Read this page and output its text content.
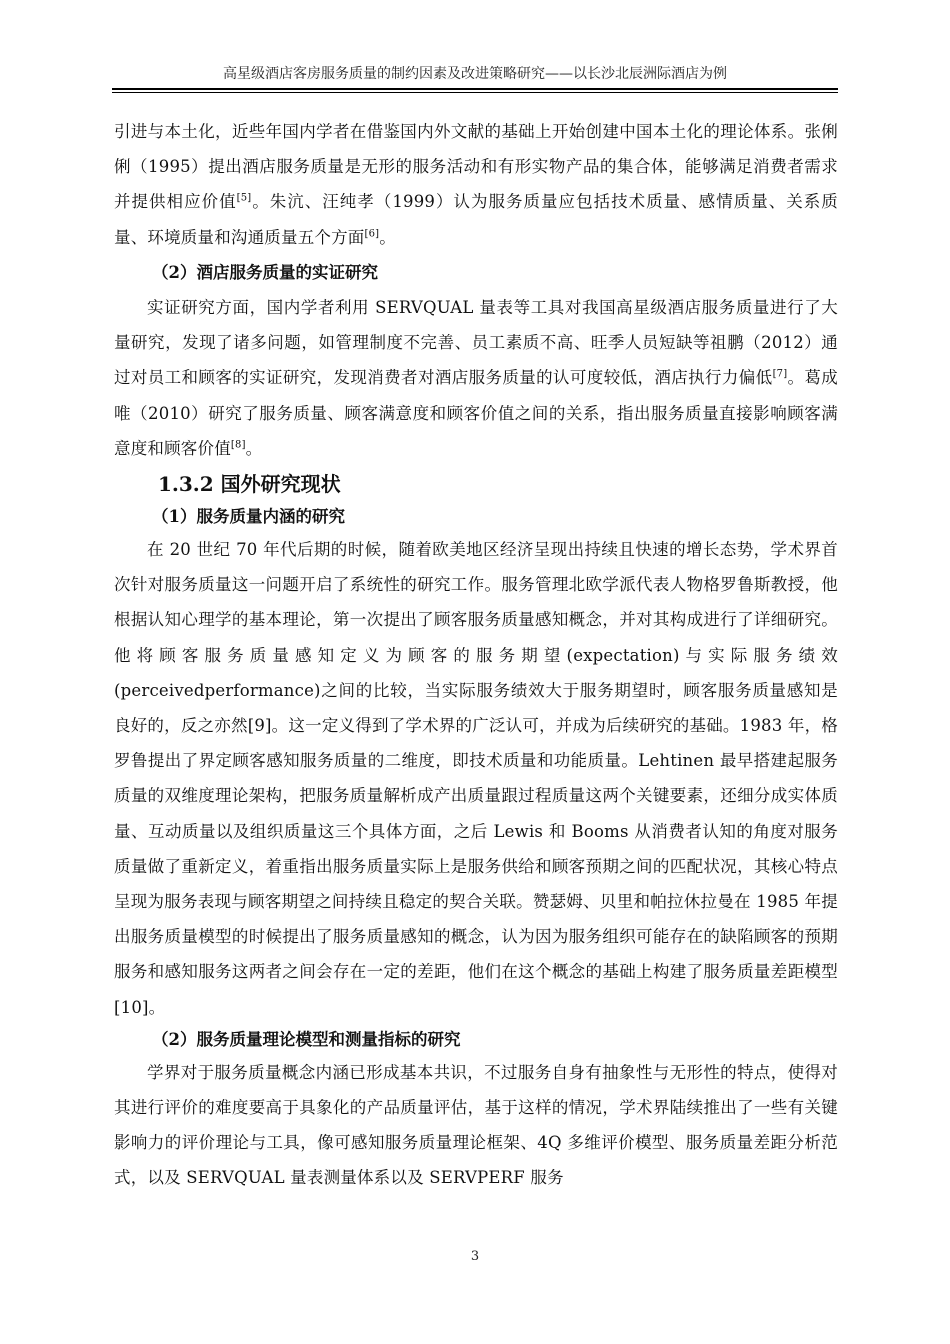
高星级酒店客房服务质量的制约因素及改进策略研究——以长沙北辰洲际酒店为例

引进与本土化，近些年国内学者在借鉴国内外文献的基础上开始创建中国本土化的理论体系。张俐俐（1995）提出酒店服务质量是无形的服务活动和有形实物产品的集合体，能够满足消费者需求并提供相应价值[5]。朱沆、汪纯孝（1999）认为服务质量应包括技术质量、感情质量、关系质量、环境质量和沟通质量五个方面[6]。

（2）酒店服务质量的实证研究

实证研究方面，国内学者利用 SERVQUAL 量表等工具对我国高星级酒店服务质量进行了大量研究，发现了诸多问题，如管理制度不完善、员工素质不高、旺季人员短缺等祖鹏（2012）通过对员工和顾客的实证研究，发现消费者对酒店服务质量的认可度较低，酒店执行力偏低[7]。葛成唯（2010）研究了服务质量、顾客满意度和顾客价值之间的关系，指出服务质量直接影响顾客满意度和顾客价值[8]。

1.3.2 国外研究现状

（1）服务质量内涵的研究

在 20 世纪 70 年代后期的时候，随着欧美地区经济呈现出持续且快速的增长态势，学术界首次针对服务质量这一问题开启了系统性的研究工作。服务管理北欧学派代表人物格罗鲁斯教授，他根据认知心理学的基本理论，第一次提出了顾客服务质量感知概念，并对其构成进行了详细研究。他将顾客服务质量感知定义为顾客的服务期望(expectation)与实际服务绩效(perceivedperformance)之间的比较，当实际服务绩效大于服务期望时，顾客服务质量感知是良好的，反之亦然[9]。这一定义得到了学术界的广泛认可，并成为后续研究的基础。1983 年，格罗鲁提出了界定顾客感知服务质量的二维度，即技术质量和功能质量。Lehtinen 最早搭建起服务质量的双维度理论架构，把服务质量解析成产出质量跟过程质量这两个关键要素，还细分成实体质量、互动质量以及组织质量这三个具体方面，之后 Lewis 和 Booms 从消费者认知的角度对服务质量做了重新定义，着重指出服务质量实际上是服务供给和顾客预期之间的匹配状况，其核心特点呈现为服务表现与顾客期望之间持续且稳定的契合关联。赞瑟姆、贝里和帕拉休拉曼在 1985 年提出服务质量模型的时候提出了服务质量感知的概念，认为因为服务组织可能存在的缺陷顾客的预期服务和感知服务这两者之间会存在一定的差距，他们在这个概念的基础上构建了服务质量差距模型[10]。

（2）服务质量理论模型和测量指标的研究

学界对于服务质量概念内涵已形成基本共识，不过服务自身有抽象性与无形性的特点，使得对其进行评价的难度要高于具象化的产品质量评估，基于这样的情况，学术界陆续推出了一些有关键影响力的评价理论与工具，像可感知服务质量理论框架、4Q 多维评价模型、服务质量差距分析范式，以及 SERVQUAL 量表测量体系以及 SERVPERF 服务

3
